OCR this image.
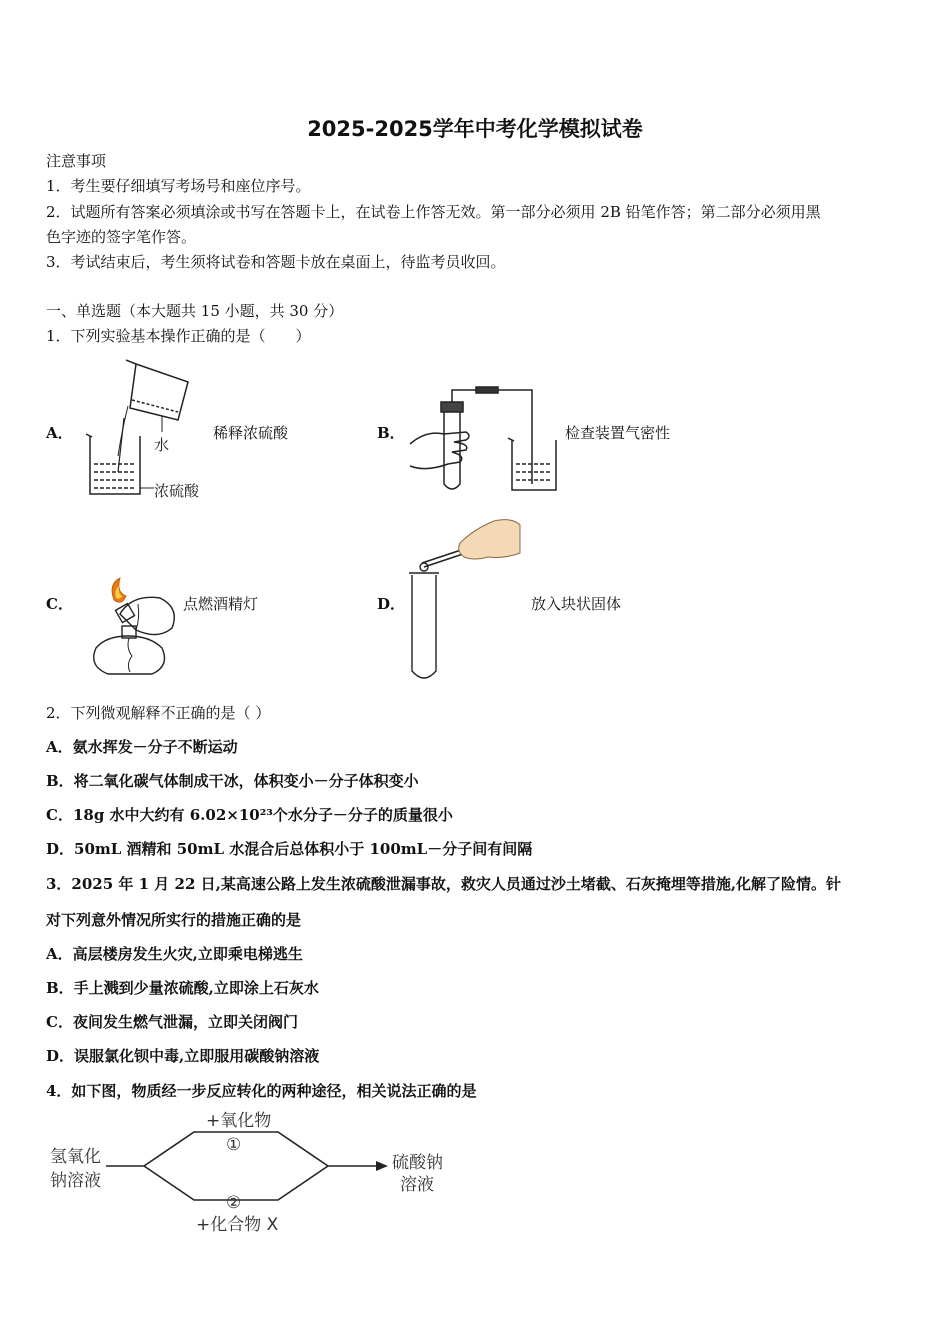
2025-2025学年中考化学模拟试卷
注意事项
1．考生要仔细填写考场号和座位序号。
2．试题所有答案必须填涂或书写在答题卡上，在试卷上作答无效。第一部分必须用 2B 铅笔作答；第二部分必须用黑
色字迹的签字笔作答。
3．考试结束后，考生须将试卷和答题卡放在桌面上，待监考员收回。
一、单选题（本大题共 15 小题，共 30 分）
1．下列实验基本操作正确的是（　　）
A．
水
浓硫酸
稀释浓硫酸	B．	检查装置气密性
C．	点燃酒精灯	D．	放入块状固体
2．下列微观解释不正确的是（ ）
A．氨水挥发－分子不断运动
B．将二氧化碳气体制成干冰，体积变小－分子体积变小
C．18g 水中大约有 6.02×10²³个水分子－分子的质量很小
D．50mL 酒精和 50mL 水混合后总体积小于 100mL－分子间有间隔
3．2025 年 1 月 22 日,某高速公路上发生浓硫酸泄漏事故，救灾人员通过沙土堵截、石灰掩埋等措施,化解了险情。针
对下列意外情况所实行的措施正确的是
A．高层楼房发生火灾,立即乘电梯逃生
B．手上溅到少量浓硫酸,立即涂上石灰水
C．夜间发生燃气泄漏，立即关闭阀门
D．误服氯化钡中毒,立即服用碳酸钠溶液
4．如下图，物质经一步反应转化的两种途径，相关说法正确的是
氢氧化
钠溶液
+氧化物
①
②
+化合物 X
硫酸钠
溶液
